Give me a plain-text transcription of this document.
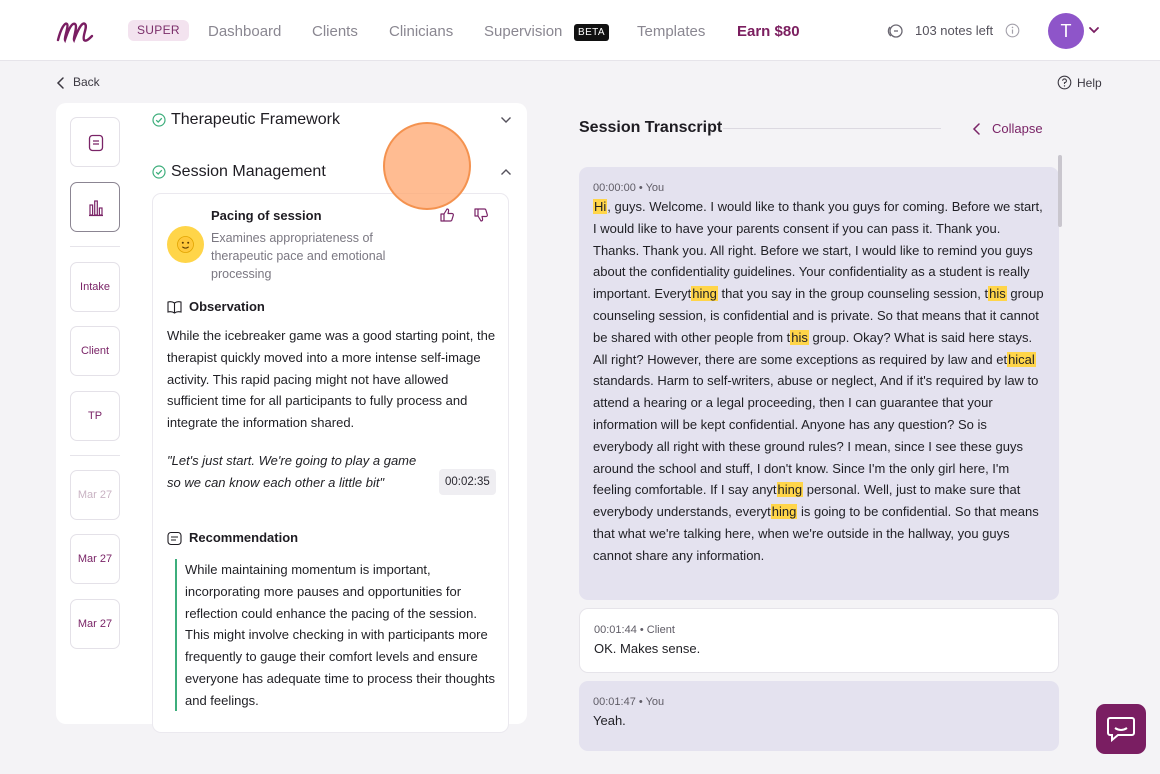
SUPER	Dashboard Clients Clinicians Supervision	BETA Templates Earn $80	103 notes left	T
Back	Help
Intake
Client
TP
Mar 27
Mar 27
Mar 27
Therapeutic Framework
Session Management
Pacing of session
Examines appropriateness of therapeutic pace and emotional processing
Observation
While the icebreaker game was a good starting point, the therapist quickly moved into a more intense self-image activity. This rapid pacing might not have allowed sufficient time for all participants to fully process and integrate the information shared.
"Let's just start. We're going to play a game so we can know each other a little bit"	00:02:35
Recommendation
While maintaining momentum is important, incorporating more pauses and opportunities for reflection could enhance the pacing of the session. This might involve checking in with participants more frequently to gauge their comfort levels and ensure everyone has adequate time to process their thoughts and feelings.
Session Transcript	Collapse
00:00:00 • You
Hi, guys. Welcome. I would like to thank you guys for coming. Before we start, I would like to have your parents consent if you can pass it. Thank you. Thanks. Thank you. All right. Before we start, I would like to remind you guys about the confidentiality guidelines. Your confidentiality as a student is really important. Everything that you say in the group counseling session, this group counseling session, is confidential and is private. So that means that it cannot be shared with other people from this group. Okay? What is said here stays. All right? However, there are some exceptions as required by law and ethical standards. Harm to self-writers, abuse or neglect, And if it's required by law to attend a hearing or a legal proceeding, then I can guarantee that your information will be kept confidential. Anyone has any question? So is everybody all right with these ground rules? I mean, since I see these guys around the school and stuff, I don't know. Since I'm the only girl here, I'm feeling comfortable. If I say anything personal. Well, just to make sure that everybody understands, everything is going to be confidential. So that means that what we're talking here, when we're outside in the hallway, you guys cannot share any information.
00:01:44 • Client
OK. Makes sense.
00:01:47 • You
Yeah.
